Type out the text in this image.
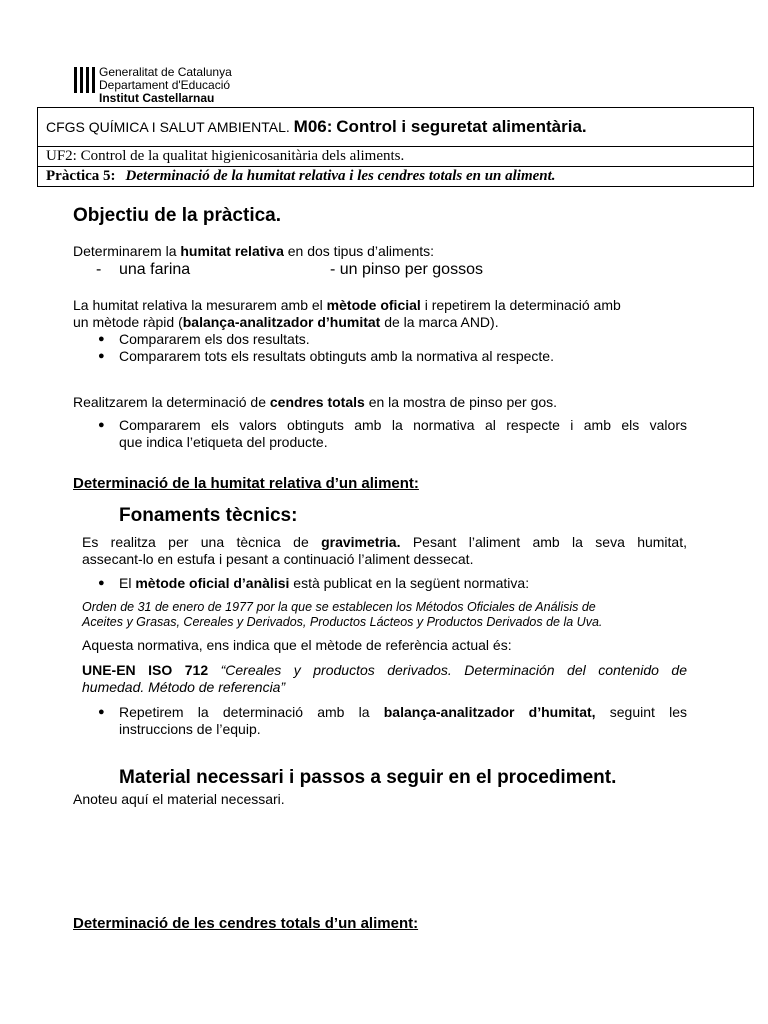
Generalitat de Catalunya
Departament d'Educació
Institut Castellarnau
CFGS QUÍMICA I SALUT AMBIENTAL. M06: Control i seguretat alimentària.
UF2: Control de la qualitat higienicosanitària dels aliments.
Pràctica 5: Determinació de la humitat relativa i les cendres totals en un aliment.
Objectiu de la pràctica.
Determinarem la humitat relativa en dos tipus d’aliments:
- una farina	- un pinso per gossos
La humitat relativa la mesurarem amb el mètode oficial i repetirem la determinació amb
un mètode ràpid (balança-analitzador d’humitat de la marca AND).
● Compararem els dos resultats.
● Compararem tots els resultats obtinguts amb la normativa al respecte.
Realitzarem la determinació de cendres totals en la mostra de pinso per gos.
● Compararem els valors obtinguts amb la normativa al respecte i amb els valors
que indica l’etiqueta del producte.
Determinació de la humitat relativa d’un aliment:
Fonaments tècnics:
Es realitza per una tècnica de gravimetria. Pesant l’aliment amb la seva humitat,
assecant-lo en estufa i pesant a continuació l’aliment dessecat.
● El mètode oficial d’anàlisi està publicat en la següent normativa:
Orden de 31 de enero de 1977 por la que se establecen los Métodos Oficiales de Análisis de
Aceites y Grasas, Cereales y Derivados, Productos Lácteos y Productos Derivados de la Uva.
Aquesta normativa, ens indica que el mètode de referència actual és:
UNE-EN ISO 712 “Cereales y productos derivados. Determinación del contenido de
humedad. Método de referencia”
● Repetirem la determinació amb la balança-analitzador d’humitat, seguint les
instruccions de l’equip.
Material necessari i passos a seguir en el procediment.
Anoteu aquí el material necessari.
Determinació de les cendres totals d’un aliment:
